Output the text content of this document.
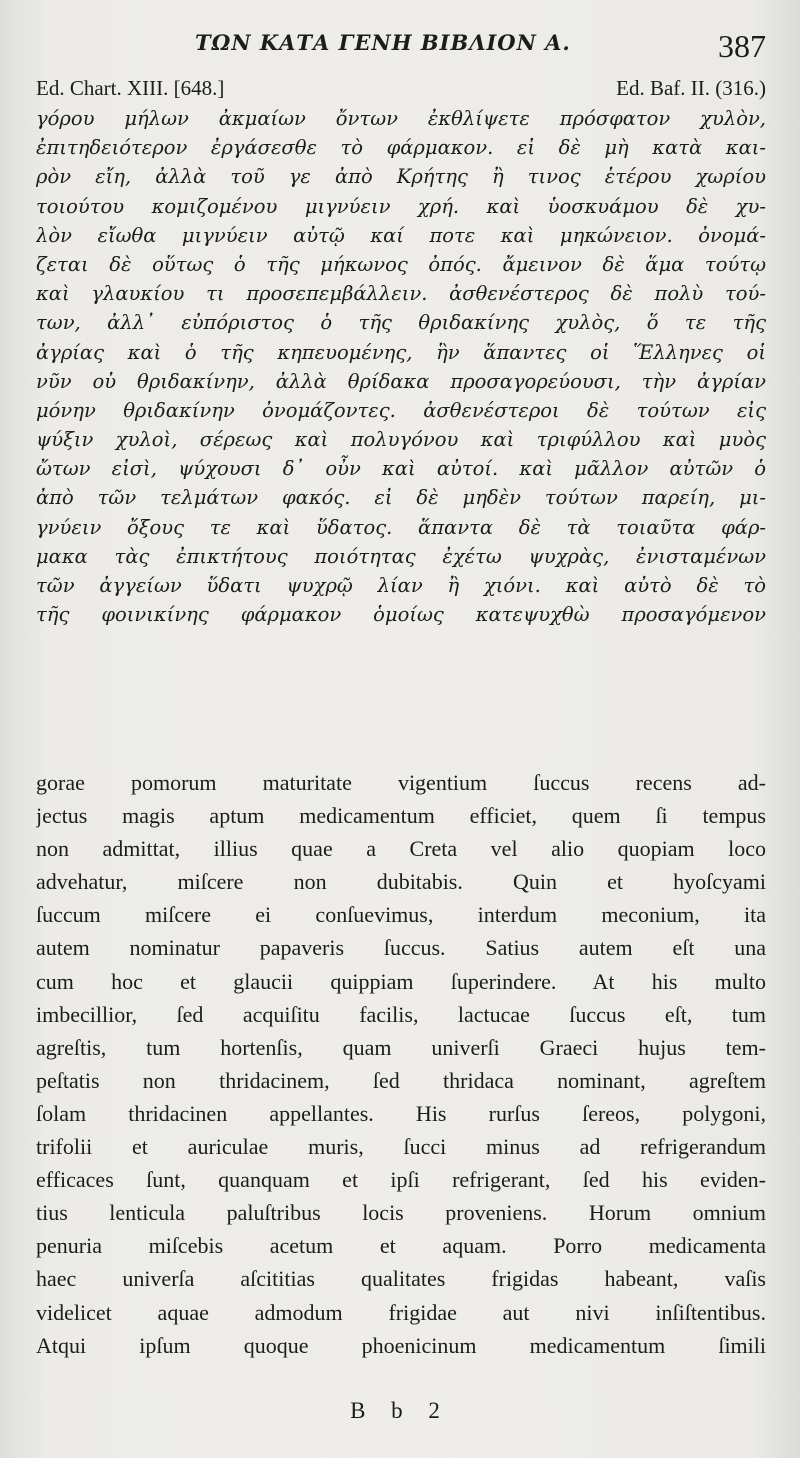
ΤΩΝ ΚΑΤΑ ΓΕΝΗ ΒΙΒΛΙΟΝ Α.	387
Ed. Chart. XIII. [648.]	Ed. Baf. II. (316.)
γόρου μήλων ἀκμαίων ὄντων ἐκθλίψετε πρόσφατον χυλὸν,
ἐπιτηδειότερον ἐργάσεσθε τὸ φάρμακον. εἰ δὲ μὴ κατὰ και-
ρὸν εἴη, ἀλλὰ τοῦ γε ἀπὸ Κρήτης ἢ τινος ἑτέρου χωρίου
τοιούτου κομιζομένου μιγνύειν χρή. καὶ ὑοσκυάμου δὲ χυ-
λὸν εἴωθα μιγνύειν αὐτῷ καί ποτε καὶ μηκώνειον. ὀνομά-
ζεται δὲ οὕτως ὁ τῆς μήκωνος ὀπός. ἄμεινον δὲ ἅμα τούτῳ
καὶ γλαυκίου τι προσεπεμβάλλειν. ἀσθενέστερος δὲ πολὺ τού-
των, ἀλλ᾽ εὐπόριστος ὁ τῆς θριδακίνης χυλὸς, ὅ τε τῆς
ἀγρίας καὶ ὁ τῆς κηπευομένης, ἣν ἅπαντες οἱ Ἕλληνες οἱ
νῦν οὐ θριδακίνην, ἀλλὰ θρίδακα προσαγορεύουσι, τὴν ἀγρίαν
μόνην θριδακίνην ὀνομάζοντες. ἀσθενέστεροι δὲ τούτων εἰς
ψύξιν χυλοὶ, σέρεως καὶ πολυγόνου καὶ τριφύλλου καὶ μυὸς
ὤτων εἰσὶ, ψύχουσι δ᾽ οὖν καὶ αὐτοί. καὶ μᾶλλον αὐτῶν ὁ
ἀπὸ τῶν τελμάτων φακός. εἰ δὲ μηδὲν τούτων παρείη, μι-
γνύειν ὄξους τε καὶ ὕδατος. ἅπαντα δὲ τὰ τοιαῦτα φάρ-
μακα τὰς ἐπικτήτους ποιότητας ἐχέτω ψυχρὰς, ἐνισταμένων
τῶν ἀγγείων ὕδατι ψυχρῷ λίαν ἢ χιόνι. καὶ αὐτὸ δὲ τὸ
τῆς φοινικίνης φάρμακον ὁμοίως κατεψυχθὼ προσαγόμενον
gorae pomorum maturitate vigentium ſuccus recens ad-
jectus magis aptum medicamentum efficiet, quem ſi tempus
non admittat, illius quae a Creta vel alio quopiam loco
advehatur, miſcere non dubitabis. Quin et hyoſcyami
ſuccum miſcere ei conſuevimus, interdum meconium, ita
autem nominatur papaveris ſuccus. Satius autem eſt una
cum hoc et glaucii quippiam ſuperindere. At his multo
imbecillior, ſed acquiſitu facilis, lactucae ſuccus eſt, tum
agreſtis, tum hortenſis, quam univerſi Graeci hujus tem-
peſtatis non thridacinem, ſed thridaca nominant, agreſtem
ſolam thridacinen appellantes. His rurſus ſereos, polygoni,
trifolii et auriculae muris, ſucci minus ad refrigerandum
efficaces ſunt, quanquam et ipſi refrigerant, ſed his eviden-
tius lenticula paluſtribus locis proveniens. Horum omnium
penuria miſcebis acetum et aquam. Porro medicamenta
haec univerſa aſcititias qualitates frigidas habeant, vaſis
videlicet aquae admodum frigidae aut nivi inſiſtentibus.
Atqui ipſum quoque phoenicinum medicamentum ſimili
B b 2
